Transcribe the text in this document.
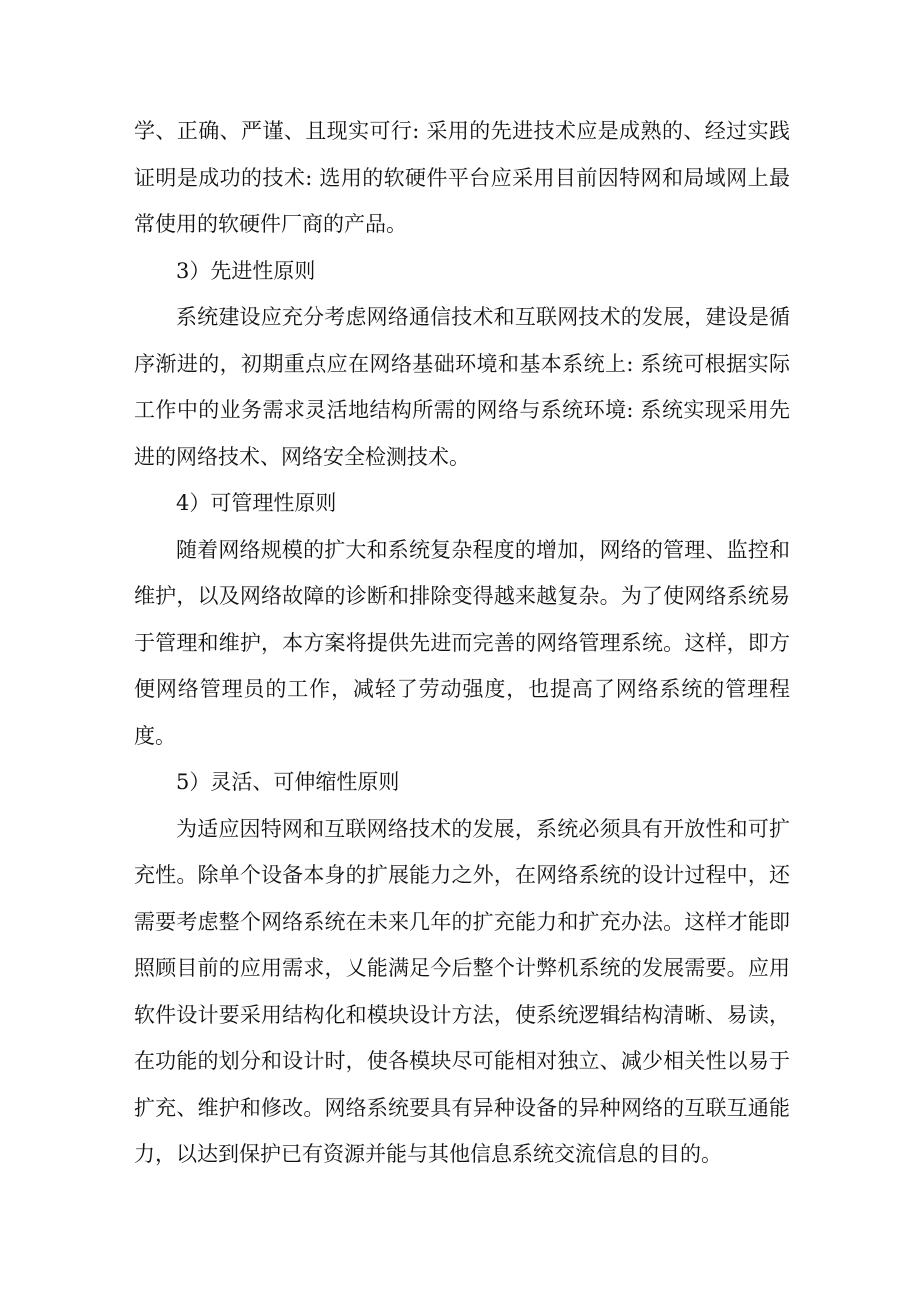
学、正确、严谨、且现实可行: 采用的先进技术应是成熟的、经过实践证明是成功的技术: 选用的软硬件平台应采用目前因特网和局域网上最常使用的软硬件厂商的产品。

3）先进性原则

系统建设应充分考虑网络通信技术和互联网技术的发展，建设是循序渐进的，初期重点应在网络基础环境和基本系统上: 系统可根据实际工作中的业务需求灵活地结构所需的网络与系统环境: 系统实现采用先进的网络技术、网络安全检测技术。

4）可管理性原则

随着网络规模的扩大和系统复杂程度的增加，网络的管理、监控和维护，以及网络故障的诊断和排除变得越来越复杂。为了使网络系统易于管理和维护，本方案将提供先进而完善的网络管理系统。这样，即方便网络管理员的工作，减轻了劳动强度，也提高了网络系统的管理程度。

5）灵活、可伸缩性原则

为适应因特网和互联网络技术的发展，系统必须具有开放性和可扩充性。除单个设备本身的扩展能力之外，在网络系统的设计过程中，还需要考虑整个网络系统在未来几年的扩充能力和扩充办法。这样才能即照顾目前的应用需求，乂能满足今后整个计弊机系统的发展需要。应用软件设计要采用结构化和模块设计方法，使系统逻辑结构清晰、易读，在功能的划分和设计时，使各模块尽可能相对独立、减少相关性以易于扩充、维护和修改。网络系统要具有异种设备的异种网络的互联互通能力，以达到保护已有资源并能与其他信息系统交流信息的目的。
